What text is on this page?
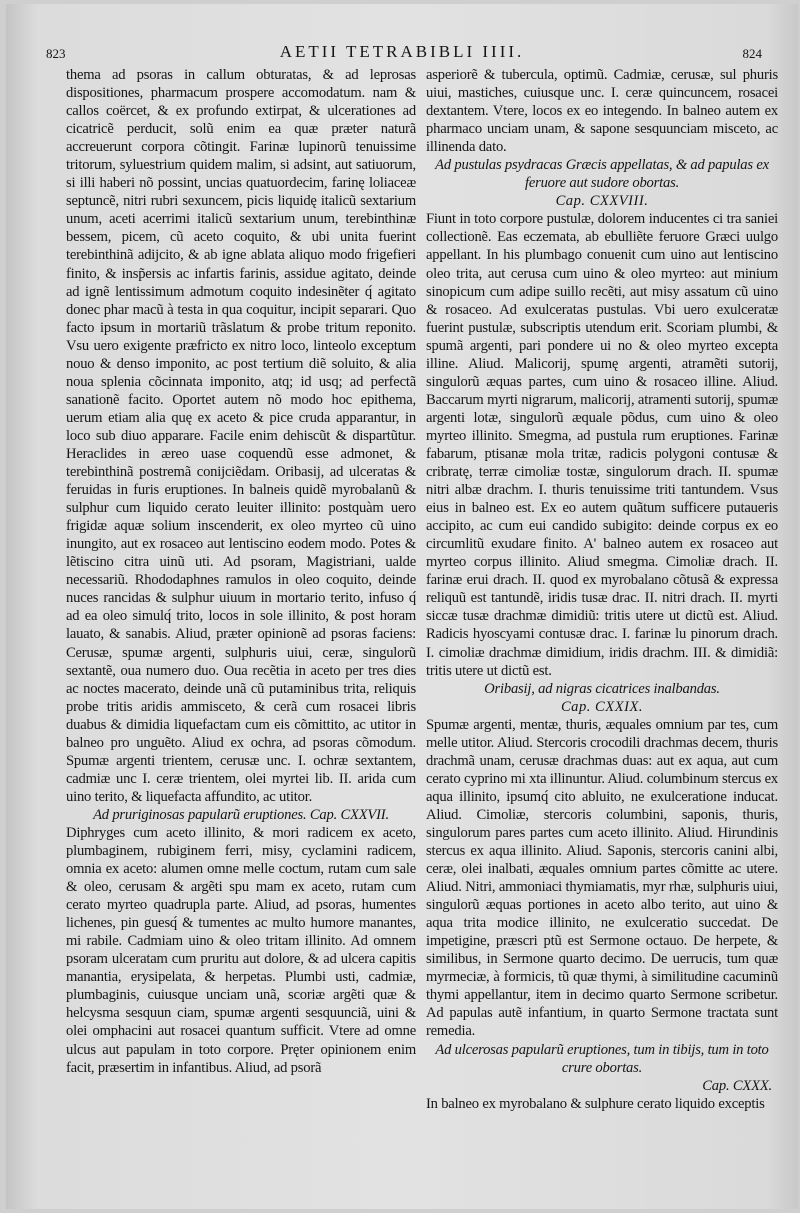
823	AETII TETRABIBLI IIII.	824

thema ad psoras in callum obturatas, & ad leprosas dispositiones, pharmacum prospere accomodatum. nam & callos coërcet, & ex profundo extirpat, & ulcerationes ad cicatricẽ perducit, solũ enim ea quæ præter naturã accreuerunt corpora cõtingit. Farinæ lupinorũ tenuissime tritorum, syluestrium quidem malim, si adsint, aut satiuorum, si illi haberi nõ possint, uncias quatuordecim, farinę loliaceæ septuncẽ, nitri rubri sexuncem, picis liquidę italicũ sextarium unum, aceti acerrimi italicũ sextarium unum, terebinthinæ bessem, picem, cũ aceto coquito, & ubi unita fuerint terebinthinã adijcito, & ab igne ablata aliquo modo frigefieri finito, & insp̃ersis ac infartis farinis, assidue agitato, deinde ad ignẽ lentissimum admotum coquito indesinẽter q́ agitato donec phar macũ à testa in qua coquitur, incipit separari. Quo facto ipsum in mortariũ trãslatum & probe tritum reponito. Vsu uero exigente præfricto ex nitro loco, linteolo exceptum nouo & denso imponito, ac post tertium diẽ soluito, & alia noua splenia cõcinnata imponito, atq; id usq; ad perfectã sanationẽ facito. Oportet autem nõ modo hoc epithema, uerum etiam alia quę ex aceto & pice cruda apparantur, in loco sub diuo apparare. Facile enim dehiscũt & dispartũtur. Heraclides in æreo uase coquendũ esse admonet, & terebinthinã postremã conijciẽdam. Oribasij, ad ulceratas & feruidas in furis eruptiones. In balneis quidẽ myrobalanũ & sulphur cum liquido cerato leuiter illinito: postquàm uero frigidæ aquæ solium inscenderit, ex oleo myrteo cũ uino inungito, aut ex rosaceo aut lentiscino eodem modo. Potes & lẽtiscino citra uinũ uti. Ad psoram, Magistriani, ualde necessariũ. Rhododaphnes ramulos in oleo coquito, deinde nuces rancidas & sulphur uiuum in mortario terito, infuso q́ ad ea oleo simulq́ trito, locos in sole illinito, & post horam lauato, & sanabis. Aliud, præter opinionẽ ad psoras faciens: Cerusæ, spumæ argenti, sulphuris uiui, ceræ, singulorũ sextantẽ, oua numero duo. Oua recẽtia in aceto per tres dies ac noctes macerato, deinde unã cũ putaminibus trita, reliquis probe tritis aridis ammisceto, & cerã cum rosacei libris duabus & dimidia liquefactam cum eis cõmittito, ac utitor in balneo pro unguẽto. Aliud ex ochra, ad psoras cõmodum. Spumæ argenti trientem, cerusæ unc. I. ochræ sextantem, cadmiæ unc I. ceræ trientem, olei myrtei lib. II. arida cum uino terito, & liquefacta affundito, ac utitor.

Ad pruriginosas papularũ eruptiones. Cap. CXXVII.

Diphryges cum aceto illinito, & mori radicem ex aceto, plumbaginem, rubiginem ferri, misy, cyclamini radicem, omnia ex aceto: alumen omne melle coctum, rutam cum sale & oleo, cerusam & argẽti spu mam ex aceto, rutam cum cerato myrteo quadrupla parte. Aliud, ad psoras, humentes lichenes, pin guesq́ & tumentes ac multo humore manantes, mi rabile. Cadmiam uino & oleo tritam illinito. Ad omnem psoram ulceratam cum pruritu aut dolore, & ad ulcera capitis manantia, erysipelata, & herpetas. Plumbi usti, cadmiæ, plumbaginis, cuiusque unciam unã, scoriæ argẽti quæ & helcysma sesquun ciam, spumæ argenti sesquunciã, uini & olei omphacini aut rosacei quantum sufficit. Vtere ad omne ulcus aut papulam in toto corpore. Pręter opinionem enim facit, præsertim in infantibus. Aliud, ad psorã

asperiorẽ & tubercula, optimũ. Cadmiæ, cerusæ, sul phuris uiui, mastiches, cuiusque unc. I. ceræ quincuncem, rosacei dextantem. Vtere, locos ex eo integendo. In balneo autem ex pharmaco unciam unam, & sapone sesquunciam misceto, ac illinenda dato.

Ad pustulas psydracas Græcis appellatas, & ad papulas ex feruore aut sudore obortas.

Cap. CXXVIII.

Fiunt in toto corpore pustulæ, dolorem inducentes ci tra saniei collectionẽ. Eas eczemata, ab ebulliẽte feruore Græci uulgo appellant. In his plumbago conuenit cum uino aut lentiscino oleo trita, aut cerusa cum uino & oleo myrteo: aut minium sinopicum cum adipe suillo recẽti, aut misy assatum cũ uino & rosaceo. Ad exulceratas pustulas. Vbi uero exulceratæ fuerint pustulæ, subscriptis utendum erit. Scoriam plumbi, & spumã argenti, pari pondere ui no & oleo myrteo excepta illine. Aliud. Malicorij, spumę argenti, atramẽti sutorij, singulorũ æquas partes, cum uino & rosaceo illine. Aliud. Baccarum myrti nigrarum, malicorij, atramenti sutorij, spumæ argenti lotæ, singulorũ æquale põdus, cum uino & oleo myrteo illinito. Smegma, ad pustula rum eruptiones. Farinæ fabarum, ptisanæ mola tritæ, radicis polygoni contusæ & cribratę, terræ cimoliæ tostæ, singulorum drach. II. spumæ nitri albæ drachm. I. thuris tenuissime triti tantundem. Vsus eius in balneo est. Ex eo autem quãtum sufficere putaueris accipito, ac cum eui candido subigito: deinde corpus ex eo circumlitũ exudare finito. A' balneo autem ex rosaceo aut myrteo corpus illinito. Aliud smegma. Cimoliæ drach. II. farinæ erui drach. II. quod ex myrobalano cõtusã & expressa reliquũ est tantundẽ, iridis tusæ drac. II. nitri drach. II. myrti siccæ tusæ drachmæ dimidiũ: tritis utere ut dictũ est. Aliud. Radicis hyoscyami contusæ drac. I. farinæ lu pinorum drach. I. cimoliæ drachmæ dimidium, iridis drachm. III. & dimidiã: tritis utere ut dictũ est.

Oribasij, ad nigras cicatrices inalbandas.

Cap. CXXIX.

Spumæ argenti, mentæ, thuris, æquales omnium par tes, cum melle utitor. Aliud. Stercoris crocodili drachmas decem, thuris drachmã unam, cerusæ drachmas duas: aut ex aqua, aut cum cerato cyprino mi xta illinuntur. Aliud. columbinum stercus ex aqua illinito, ipsumq́ cito abluito, ne exulceratione inducat. Aliud. Cimoliæ, stercoris columbini, saponis, thuris, singulorum pares partes cum aceto illinito. Aliud. Hirundinis stercus ex aqua illinito. Aliud. Saponis, stercoris canini albi, ceræ, olei inalbati, æquales omnium partes cõmitte ac utere. Aliud. Nitri, ammoniaci thymiamatis, myr rhæ, sulphuris uiui, singulorũ æquas portiones in aceto albo terito, aut uino & aqua trita modice illinito, ne exulceratio succedat. De impetigine, præscri ptũ est Sermone octauo. De herpete, & similibus, in Sermone quarto decimo. De uerrucis, tum quæ myrmeciæ, à formicis, tũ quæ thymi, à similitudine cacuminũ thymi appellantur, item in decimo quarto Sermone scribetur. Ad papulas autẽ infantium, in quarto Sermone tractata sunt remedia.

Ad ulcerosas papularũ eruptiones, tum in tibijs, tum in toto crure obortas.

Cap. CXXX.

In balneo ex myrobalano & sulphure cerato liquido exceptis
